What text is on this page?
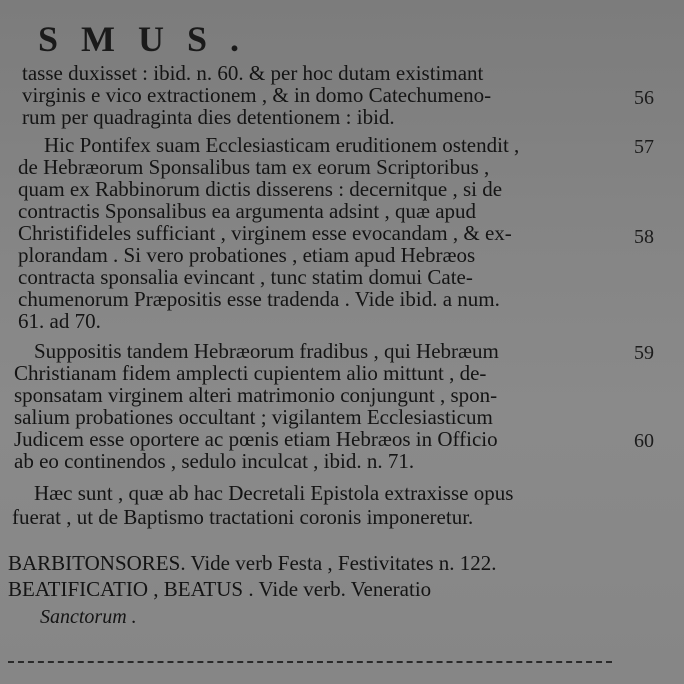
SMUS.
tasse duxisset : ibid. n. 60. & per hoc dutam existimant
virginis e vico extractionem , & in domo Catechumeno-
rum per quadraginta dies detentionem : ibid.
Hic Pontifex suam Ecclesiasticam eruditionem ostendit ,
de Hebræorum Sponsalibus tam ex eorum Scriptoribus ,
quam ex Rabbinorum dictis disserens : decernitque , si de
contractis Sponsalibus ea argumenta adsint , quæ apud
Christifideles sufficiant , virginem esse evocandam , & ex-
plorandam . Si vero probationes , etiam apud Hebræos
contracta sponsalia evincant , tunc statim domui Cate-
chumenorum Præpositis esse tradenda . Vide ibid. a num.
61. ad 70.
Suppositis tandem Hebræorum fradibus , qui Hebræum
Christianam fidem amplecti cupientem alio mittunt , de-
sponsatam virginem alteri matrimonio conjungunt , spon-
salium probationes occultant ; vigilantem Ecclesiasticum
Judicem esse oportere ac pœnis etiam Hebræos in Officio
ab eo continendos , sedulo inculcat , ibid. n. 71.
Hæc sunt , quæ ab hac Decretali Epistola extraxisse opus
fuerat , ut de Baptismo tractationi coronis imponeretur.
BARBITONSORES. Vide verb Festa , Festivitates n. 122.
BEATIFICATIO , BEATUS . Vide verb. Veneratio
Sanctorum .
56
57
58
59
60
